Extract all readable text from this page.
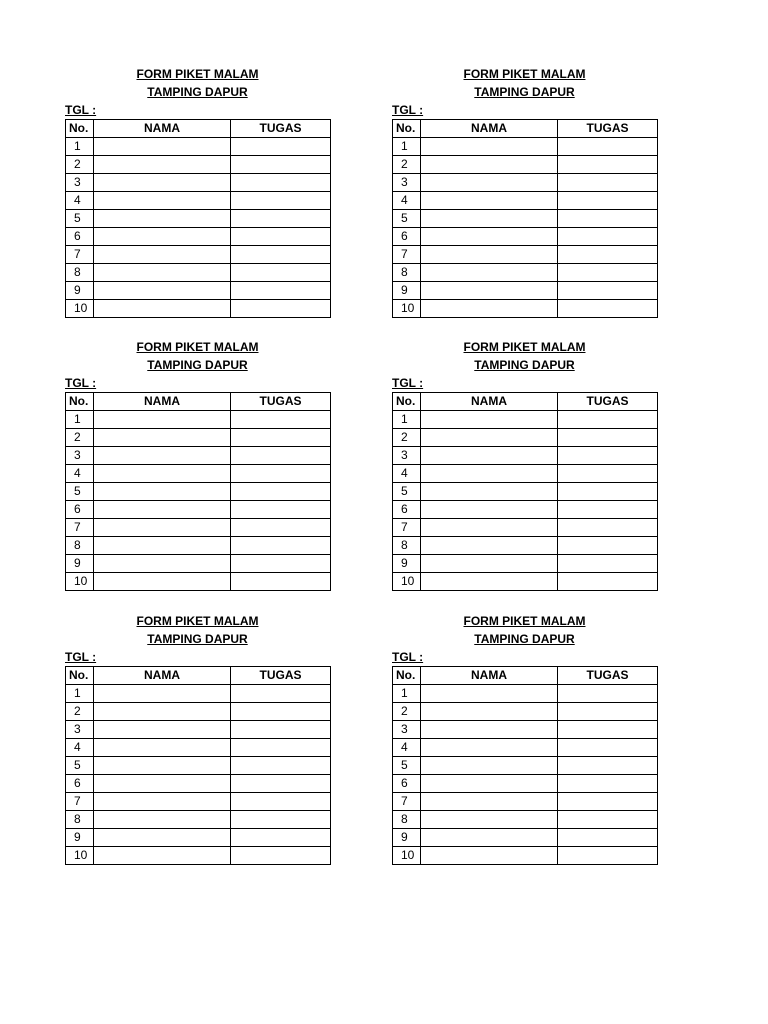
FORM PIKET MALAM
TAMPING DAPUR
TGL :
No.	NAMA	TUGAS
1		
2		
3		
4		
5		
6		
7		
8		
9		
10		
FORM PIKET MALAM
TAMPING DAPUR
TGL :
No.	NAMA	TUGAS
1		
2		
3		
4		
5		
6		
7		
8		
9		
10		
FORM PIKET MALAM
TAMPING DAPUR
TGL :
No.	NAMA	TUGAS
1		
2		
3		
4		
5		
6		
7		
8		
9		
10		
FORM PIKET MALAM
TAMPING DAPUR
TGL :
No.	NAMA	TUGAS
1		
2		
3		
4		
5		
6		
7		
8		
9		
10		
FORM PIKET MALAM
TAMPING DAPUR
TGL :
No.	NAMA	TUGAS
1		
2		
3		
4		
5		
6		
7		
8		
9		
10		
FORM PIKET MALAM
TAMPING DAPUR
TGL :
No.	NAMA	TUGAS
1		
2		
3		
4		
5		
6		
7		
8		
9		
10		
